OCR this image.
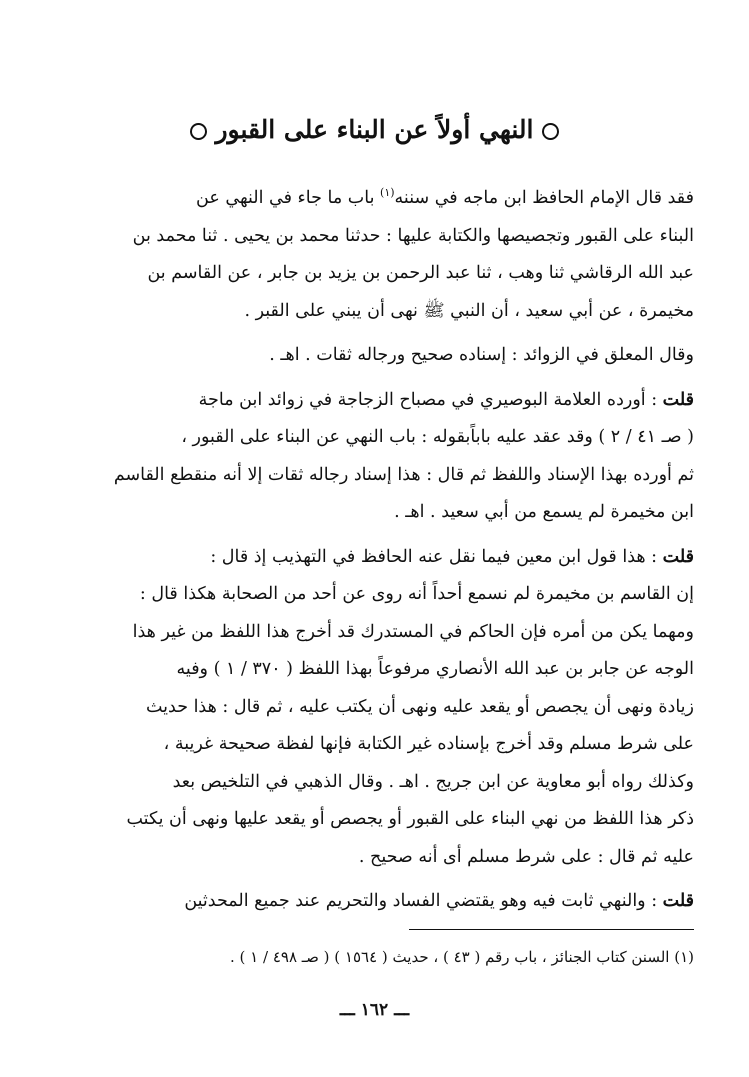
النهي أولاً عن البناء على القبور
فقد قال الإمام الحافظ ابن ماجه في سننه$^{(١)}$ باب ما جاء في النهي عن
البناء على القبور وتجصيصها والكتابة عليها : حدثنا محمد بن يحيى . ثنا محمد بن
عبد الله الرقاشي ثنا وهب ، ثنا عبد الرحمن بن يزيد بن جابر ، عن القاسم بن
مخيمرة ، عن أبي سعيد ، أن النبي ﷺ نهى أن يبني على القبر .
وقال المعلق في الزوائد : إسناده صحيح ورجاله ثقات . اهـ .
قلت : أورده العلامة البوصيري في مصباح الزجاجة في زوائد ابن ماجة
( صـ ٤١ / ٢ ) وقد عقد عليه باباًبقوله : باب النهي عن البناء على القبور ،
ثم أورده بهذا الإسناد واللفظ ثم قال : هذا إسناد رجاله ثقات إلا أنه منقطع القاسم
ابن مخيمرة لم يسمع من أبي سعيد . اهـ .
قلت : هذا قول ابن معين فيما نقل عنه الحافظ في التهذيب إذ قال :
إن القاسم بن مخيمرة لم نسمع أحداً أنه روى عن أحد من الصحابة هكذا قال :
ومهما يكن من أمره فإن الحاكم في المستدرك قد أخرج هذا اللفظ من غير هذا
الوجه عن جابر بن عبد الله الأنصاري مرفوعاً بهذا اللفظ ( ٣٧٠ / ١ ) وفيه
زيادة ونهى أن يجصص أو يقعد عليه ونهى أن يكتب عليه ، ثم قال : هذا حديث
على شرط مسلم وقد أخرج بإسناده غير الكتابة فإنها لفظة صحيحة غريبة ،
وكذلك رواه أبو معاوية عن ابن جريج . اهـ . وقال الذهبي في التلخيص بعد
ذكر هذا اللفظ من نهي البناء على القبور أو يجصص أو يقعد عليها ونهى أن يكتب
عليه ثم قال : على شرط مسلم أى أنه صحيح .
قلت : والنهي ثابت فيه وهو يقتضي الفساد والتحريم عند جميع المحدثين
(١) السنن كتاب الجنائز ، باب رقم ( ٤٣ ) ، حديث ( ١٥٦٤ ) ( صـ ٤٩٨ / ١ ) .
ـــ ١٦٢ ـــ
